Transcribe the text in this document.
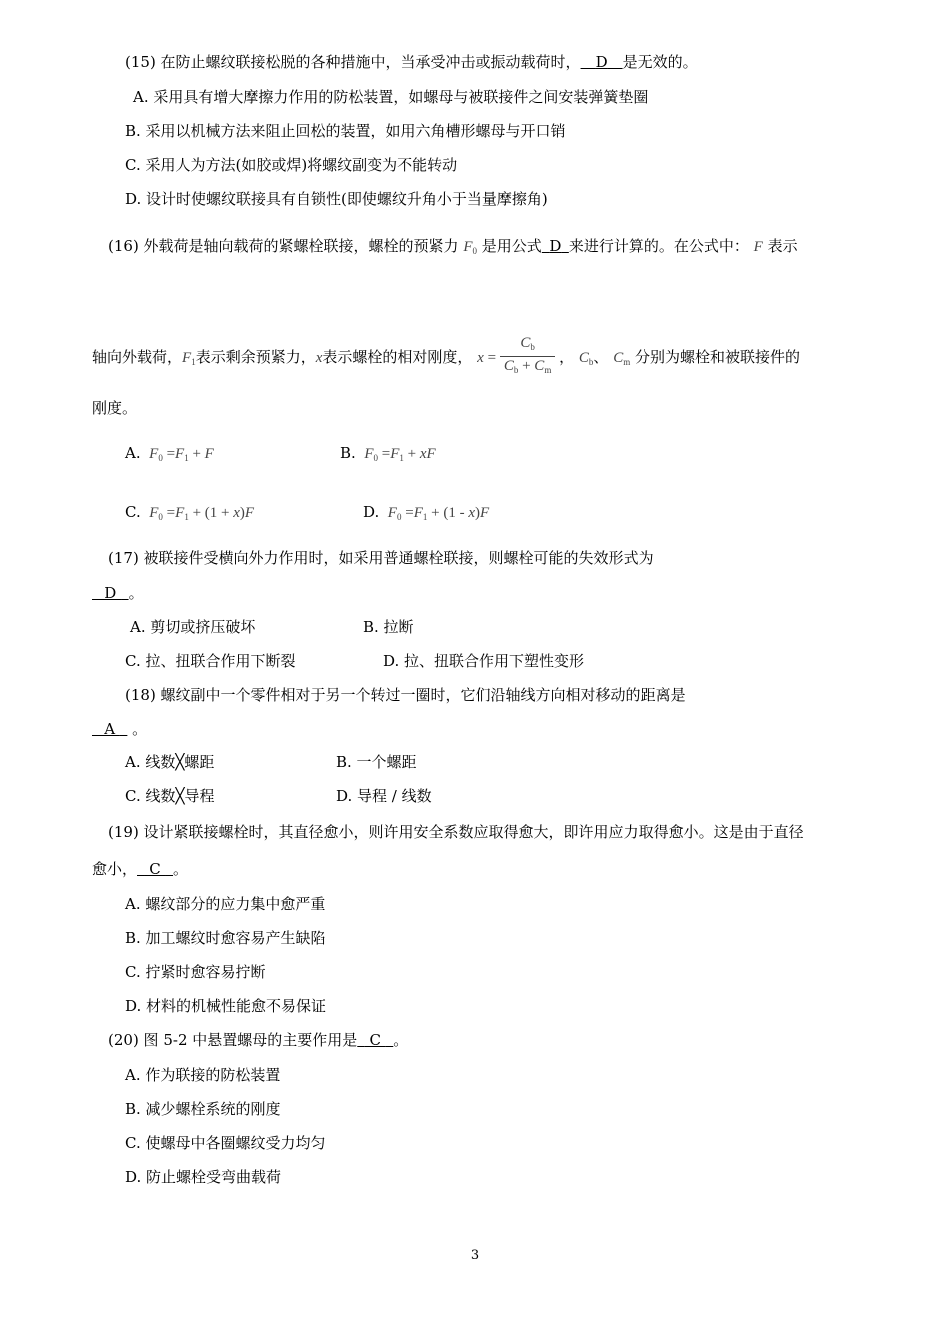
(15) 在防止螺纹联接松脱的各种措施中，当承受冲击或振动载荷时，   D   是无效的。
A. 采用具有增大摩擦力作用的防松装置，如螺母与被联接件之间安装弹簧垫圈
B. 采用以机械方法来阻止回松的装置，如用六角槽形螺母与开口销
C. 采用人为方法(如胶或焊)将螺纹副变为不能转动
D. 设计时使螺纹联接具有自锁性(即使螺纹升角小于当量摩擦角)
(16) 外载荷是轴向载荷的紧螺栓联接，螺栓的预紧力 $F_0$ 是用公式  D  来进行计算的。在公式中： F 表示
轴向外载荷，$F_1$表示剩余预紧力，x表示螺栓的相对刚度， $x = \frac{C_b}{C_b + C_m}$ ， $C_b$、 $C_m$ 分别为螺栓和被联接件的
刚度。
A. $F_0 =F_1 + F$	B. $F_0 =F_1$ + xF
C. $F_0 =F_1 + (1 + x)F$	D. $F_0 =F_1 + (1 - x)F$
(17) 被联接件受横向外力作用时，如采用普通螺栓联接，则螺栓可能的失效形式为
  D  。
A. 剪切或挤压破坏	B. 拉断
C. 拉、扭联合作用下断裂	D. 拉、扭联合作用下塑性变形
(18) 螺纹副中一个零件相对于另一个转过一圈时，它们沿轴线方向相对移动的距离是
  A   。
A. 线数╳螺距	B. 一个螺距
C. 线数╳导程	D. 导程 / 线数
(19) 设计紧联接螺栓时，其直径愈小，则许用安全系数应取得愈大，即许用应力取得愈小。这是由于直径
愈小，  C  。
A. 螺纹部分的应力集中愈严重
B. 加工螺纹时愈容易产生缺陷
C. 拧紧时愈容易拧断
D. 材料的机械性能愈不易保证
(20) 图 5-2 中悬置螺母的主要作用是  C  。
A. 作为联接的防松装置
B. 减少螺栓系统的刚度
C. 使螺母中各圈螺纹受力均匀
D. 防止螺栓受弯曲载荷
3
